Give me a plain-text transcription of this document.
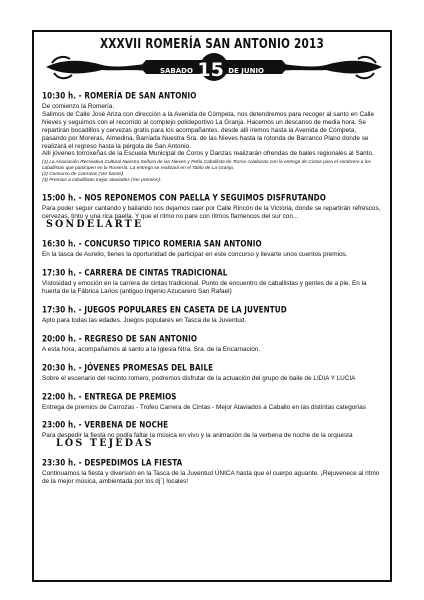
XXXVII ROMERÍA SAN ANTONIO 2013
SABADO 15 DE JUNIO
10:30 h. - ROMERÍA DE SAN ANTONIO

De comienzo la Romería.

Salimos de Calle José Ariza con dirección a la Avenida de Cómpeta, nos detendremos para recoger al santo en Calle Nieves y seguimos con el recorrido al complejo polideportivo La Granja. Hacemos un descanso de media hora. Se repartirán bocadillos y cervezas gratis para los acompañantes. desde allí iremos hasta la Avenida de Cómpeta, pasando por Moreras, Almedina, Barriada Nuestra Sra. de las Nieves hasta la rotonda de Barranco Plano donde se realizará el regreso hasta la pérgola de San Antonio.

Allí jóvenes torroxeñas de la Escuela Municipal de Coros y Danzas realizarán ofrendas de bailes regionales al Santo.

(1) La Asociación Recreativa Cultural Nuestra Señora de las Nieves y Peña Caballista de Torrox colaboran con la entrega de Cintas para el sombrero a los caballistas que participen en la Romería. La entrega se realizará en el Tablo de La Granja.

(2) Concurso de Carrozas (Ver bases).

(3) Premios a caballistas mejor ataviados (Ver premios).

15:00 h. - NOS REPONEMOS CON PAELLA Y SEGUIMOS DISFRUTANDO

Para poder seguir cantando y bailando nos dejamos caer por Calle Rincón de la Victoria, donde se repartirán refrescos, cervezas, tinto y una rica paella. Y que el ritmo no pare con ritmos flamencos del sur con...SONDELARTE

16:30 h. - CONCURSO TIPICO ROMERIA SAN ANTONIO

En la tasca de Aurelio, tienes la oportunidad de participar en este concurso y llevarte unos cuentos premios.

17:30 h. - CARRERA DE CINTAS TRADICIONAL

Vistosidad y emoción en la carrera de cintas tradicional. Punto de encuentro de caballistas y gentes de a pie. En la huerta de la Fábrica Larios (antiguo Ingenio Azucarero San Rafael)

17:30 h. - JUEGOS POPULARES EN CASETA DE LA JUVENTUD

Apto para todas las edades. Juegos populares en Tasca de la Juventud.

20:00 h. - REGRESO DE SAN ANTONIO

A esta hora, acompañamos al santo a la Iglesia Ntra. Sra. de la Encarnación.

20:30 h. - JÓVENES PROMESAS DEL BAILE

Sobre el escenario del recinto romero, podremos disfrutar de la actuación del grupo de baile de LIDIA Y LUCIA

22:00 h. - ENTREGA DE PREMIOS

Entrega de premios de Carrozas - Trofeo Carrera de Cintas - Mejor Ataviados a Caballo en las distintas categorías

23:00 h. - VERBENA DE NOCHE

Para despedir la fiesta no podía faltar la música en vivo y la animación de la verbena de noche de la orquestaLOS TEJEDAS

23:30 h. - DESPEDIMOS LA FIESTA

Continuamos la fiesta y diversión en la Tasca de la Juventud ÚNICA hasta que el cuerpo aguante. ¡Rejuvenece al ritmo de la mejor música, ambientada por los dj´) locales!
